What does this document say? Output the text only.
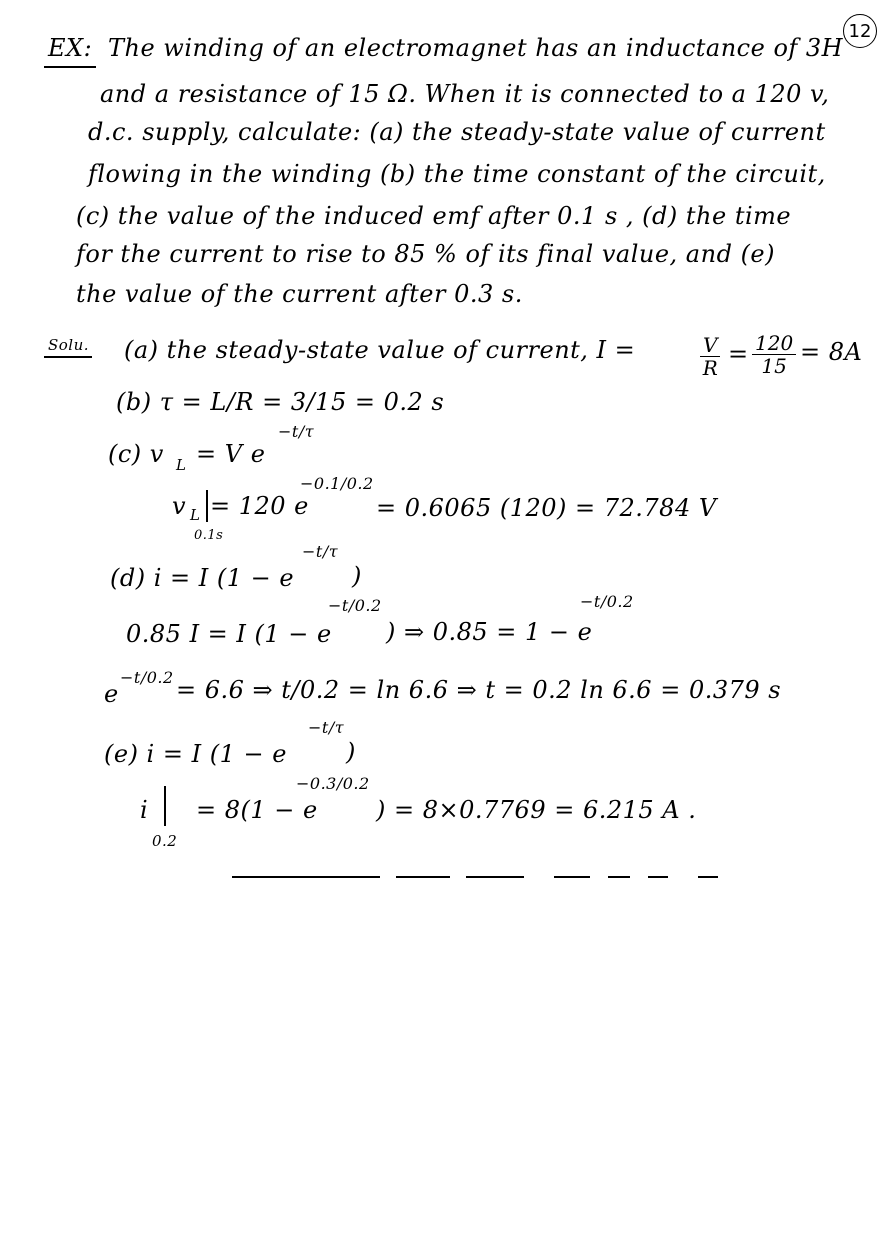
12
EX: The winding of an electromagnet has an inductance of 3H
and a resistance of 15 Ω. When it is connected to a 120 v,
d.c. supply, calculate: (a) the steady-state value of current
flowing in the winding (b) the time constant of the circuit,
(c) the value of the induced emf after 0.1 s , (d) the time
for the current to rise to 85 % of its final value, and (e)
the value of the current after 0.3 s.
Solu. (a) the steady-state value of current, I =	$\frac{V}{R} = \frac{120}{15} = 8A$
(b) τ = L/R = 3/15 = 0.2 s
(c) v L = V e
−t/τ
v L
0.1s
= 120 e
−0.1/0.2
= 0.6065 (120) = 72.784 V
(d) i = I (1 − e
−t/τ
)
0.85 I = I (1 − e
−t/0.2
) ⇒ 0.85 = 1 − e
−t/0.2
e
−t/0.2 = 6.6 ⇒ t/0.2 = ln 6.6 ⇒ t = 0.2 ln 6.6 = 0.379 s
(e) i = I (1 − e
−t/τ
)
i
0.2
= 8(1 − e
−0.3/0.2
) = 8×0.7769 = 6.215 A .
